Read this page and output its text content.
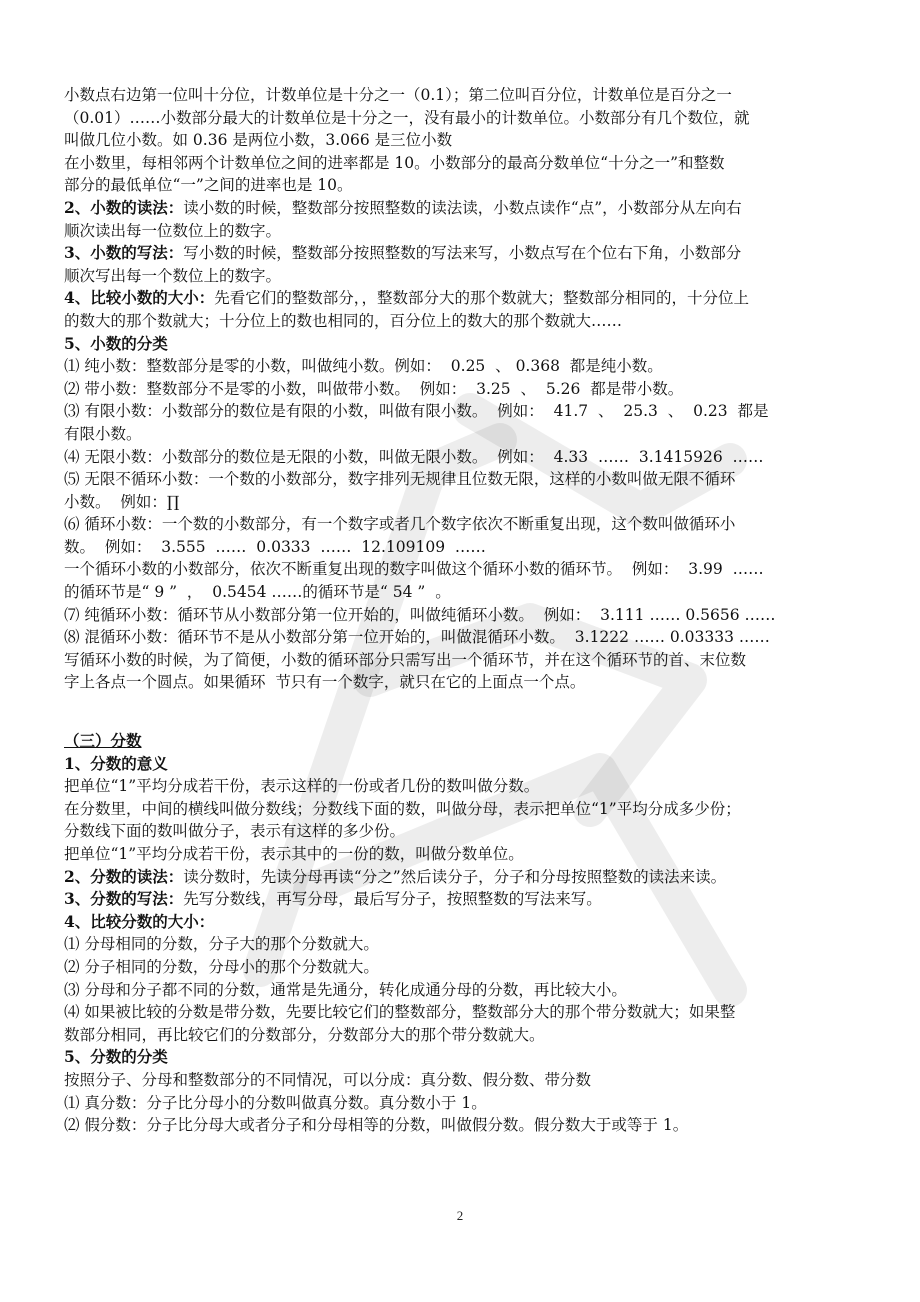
小数点右边第一位叫十分位，计数单位是十分之一（0.1）；第二位叫百分位，计数单位是百分之一
（0.01）……小数部分最大的计数单位是十分之一，没有最小的计数单位。小数部分有几个数位，就
叫做几位小数。如 0.36 是两位小数，3.066 是三位小数
在小数里，每相邻两个计数单位之间的进率都是 10。小数部分的最高分数单位“十分之一”和整数
部分的最低单位“一”之间的进率也是 10。
2、小数的读法：读小数的时候，整数部分按照整数的读法读，小数点读作“点”，小数部分从左向右
顺次读出每一位数位上的数字。
3、小数的写法：写小数的时候，整数部分按照整数的写法来写，小数点写在个位右下角，小数部分
顺次写出每一个数位上的数字。
4、比较小数的大小：先看它们的整数部分，，整数部分大的那个数就大；整数部分相同的，十分位上
的数大的那个数就大；十分位上的数也相同的，百分位上的数大的那个数就大……
5、小数的分类
⑴ 纯小数：整数部分是零的小数，叫做纯小数。例如：  0.25  、 0.368  都是纯小数。
⑵ 带小数：整数部分不是零的小数，叫做带小数。  例如：  3.25  、  5.26  都是带小数。
⑶ 有限小数：小数部分的数位是有限的小数，叫做有限小数。  例如：  41.7  、  25.3  、  0.23  都是
有限小数。
⑷ 无限小数：小数部分的数位是无限的小数，叫做无限小数。  例如：  4.33  ……  3.1415926  ……
⑸ 无限不循环小数：一个数的小数部分，数字排列无规律且位数无限，这样的小数叫做无限不循环
小数。  例如：∏
⑹ 循环小数：一个数的小数部分，有一个数字或者几个数字依次不断重复出现，这个数叫做循环小
数。  例如：  3.555  ……  0.0333  ……  12.109109  ……
一个循环小数的小数部分，依次不断重复出现的数字叫做这个循环小数的循环节。  例如：  3.99  ……
的循环节是“ 9 ”  ，  0.5454 ……的循环节是“ 54 ”  。
⑺ 纯循环小数：循环节从小数部分第一位开始的，叫做纯循环小数。  例如：  3.111 …… 0.5656 ……
⑻ 混循环小数：循环节不是从小数部分第一位开始的，叫做混循环小数。  3.1222 …… 0.03333 ……
写循环小数的时候，为了简便，小数的循环部分只需写出一个循环节，并在这个循环节的首、末位数
字上各点一个圆点。如果循环  节只有一个数字，就只在它的上面点一个点。
（三）分数
1、分数的意义
把单位“1”平均分成若干份，表示这样的一份或者几份的数叫做分数。
在分数里，中间的横线叫做分数线；分数线下面的数，叫做分母，表示把单位“1”平均分成多少份；
分数线下面的数叫做分子，表示有这样的多少份。
把单位“1”平均分成若干份，表示其中的一份的数，叫做分数单位。
2、分数的读法：读分数时，先读分母再读“分之”然后读分子，分子和分母按照整数的读法来读。
3、分数的写法：先写分数线，再写分母，最后写分子，按照整数的写法来写。
4、比较分数的大小：
⑴ 分母相同的分数，分子大的那个分数就大。
⑵ 分子相同的分数，分母小的那个分数就大。
⑶ 分母和分子都不同的分数，通常是先通分，转化成通分母的分数，再比较大小。
⑷ 如果被比较的分数是带分数，先要比较它们的整数部分，整数部分大的那个带分数就大；如果整
数部分相同，再比较它们的分数部分，分数部分大的那个带分数就大。
5、分数的分类
按照分子、分母和整数部分的不同情况，可以分成：真分数、假分数、带分数
⑴ 真分数：分子比分母小的分数叫做真分数。真分数小于 1。
⑵ 假分数：分子比分母大或者分子和分母相等的分数，叫做假分数。假分数大于或等于 1。
2
